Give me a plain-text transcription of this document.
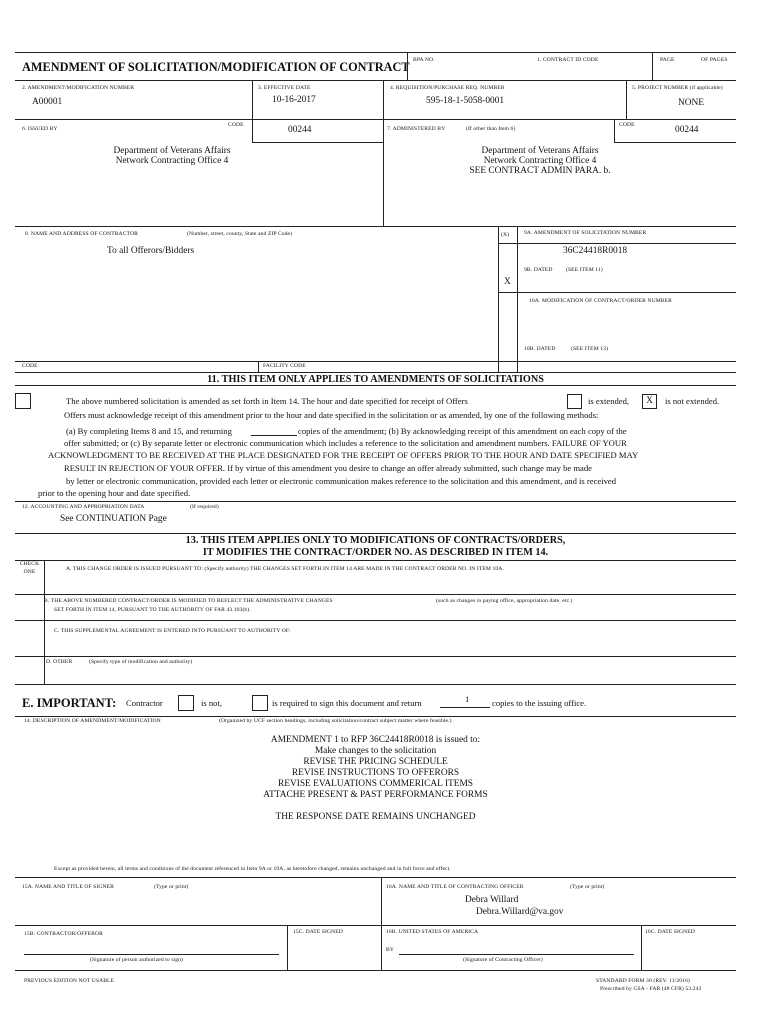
AMENDMENT OF SOLICITATION/MODIFICATION OF CONTRACT BPA NO.	1. CONTRACT ID CODE	PAGE	OF PAGES
2. AMENDMENT/MODIFICATION NUMBER
A00001
3. EFFECTIVE DATE
10-16-2017
4. REQUISITION/PURCHASE REQ. NUMBER
595-18-1-5058-0001
5. PROJECT NUMBER (if applicable)
NONE
6. ISSUED BY
CODE	00244
Department of Veterans Affairs
Network Contracting Office 4
7. ADMINISTERED BY	(If other than Item 6)
CODE	00244
Department of Veterans Affairs
Network Contracting Office 4
SEE CONTRACT ADMIN PARA. b.
8. NAME AND ADDRESS OF CONTRACTOR	(Number, street, county, State and ZIP Code)
To all Offerors/Bidders
(X)	9A. AMENDMENT OF SOLICITATION NUMBER
36C24418R0018
9B. DATED (SEE ITEM 11)
X
10A. MODIFICATION OF CONTRACT/ORDER NUMBER
10B. DATED	(SEE ITEM 13)
CODE	FACILITY CODE
11. THIS ITEM ONLY APPLIES TO AMENDMENTS OF SOLICITATIONS
The above numbered solicitation is amended as set forth in Item 14. The hour and date specified for receipt of Offers	is extended,	X	is not extended.
Offers must acknowledge receipt of this amendment prior to the hour and date specified in the solicitation or as amended, by one of the following methods:
(a) By completing Items 8 and 15, and returning	copies of the amendment; (b) By acknowledging receipt of this amendment on each copy of the
offer submitted; or (c) By separate letter or electronic communication which includes a reference to the solicitation and amendment numbers. FAILURE OF YOUR
ACKNOWLEDGMENT TO BE RECEIVED AT THE PLACE DESIGNATED FOR THE RECEIPT OF OFFERS PRIOR TO THE HOUR AND DATE SPECIFIED MAY
RESULT IN REJECTION OF YOUR OFFER. If by virtue of this amendment you desire to change an offer already submitted, such change may be made
by letter or electronic communication, provided each letter or electronic communication makes reference to the solicitation and this amendment, and is received
prior to the opening hour and date specified.
12. ACCOUNTING AND APPROPRIATION DATA	(If required)
See CONTINUATION Page
13. THIS ITEM APPLIES ONLY TO MODIFICATIONS OF CONTRACTS/ORDERS,
IT MODIFIES THE CONTRACT/ORDER NO. AS DESCRIBED IN ITEM 14.
CHECK
ONE	A. THIS CHANGE ORDER IS ISSUED PURSUANT TO: (Specify authority) THE CHANGES SET FORTH IN ITEM 14 ARE MADE IN THE CONTRACT ORDER NO. IN ITEM 10A.
B. THE ABOVE NUMBERED CONTRACT/ORDER IS MODIFIED TO REFLECT THE ADMINISTRATIVE CHANGES	(such as changes in paying office, appropriation date, etc.)
SET FORTH IN ITEM 14, PURSUANT TO THE AUTHORITY OF FAR 43.103(b).
C. THIS SUPPLEMENTAL AGREEMENT IS ENTERED INTO PURSUANT TO AUTHORITY OF:
D. OTHER	(Specify type of modification and authority)
E. IMPORTANT: Contractor	is not,	is required to sign this document and return	1	copies to the issuing office.
14. DESCRIPTION OF AMENDMENT/MODIFICATION	(Organized by UCF section headings, including solicitation/contract subject matter where feasible.)
AMENDMENT 1 to RFP 36C24418R0018 is issued to:
Make changes to the solicitation
REVISE THE PRICING SCHEDULE
REVISE INSTRUCTIONS TO OFFERORS
REVISE EVALUATIONS COMMERICAL ITEMS
ATTACHE PRESENT & PAST PERFORMANCE FORMS
THE RESPONSE DATE REMAINS UNCHANGED
Except as provided herein, all terms and conditions of the document referenced in Item 9A or 10A, as heretofore changed, remains unchanged and in full force and effect.
15A. NAME AND TITLE OF SIGNER	(Type or print)	16A. NAME AND TITLE OF CONTRACTING OFFICER	(Type or print)
Debra Willard
Debra.Willard@va.gov
15B. CONTRACTOR/OFFEROR	15C. DATE SIGNED	16B. UNITED STATES OF AMERICA	16C. DATE SIGNED
(Signature of person authorized to sign)
BY
(Signature of Contracting Officer)
PREVIOUS EDITION NOT USABLE	STANDARD FORM 30 (REV. 11/2016)
Prescribed by GSA - FAR (48 CFR) 53.243
